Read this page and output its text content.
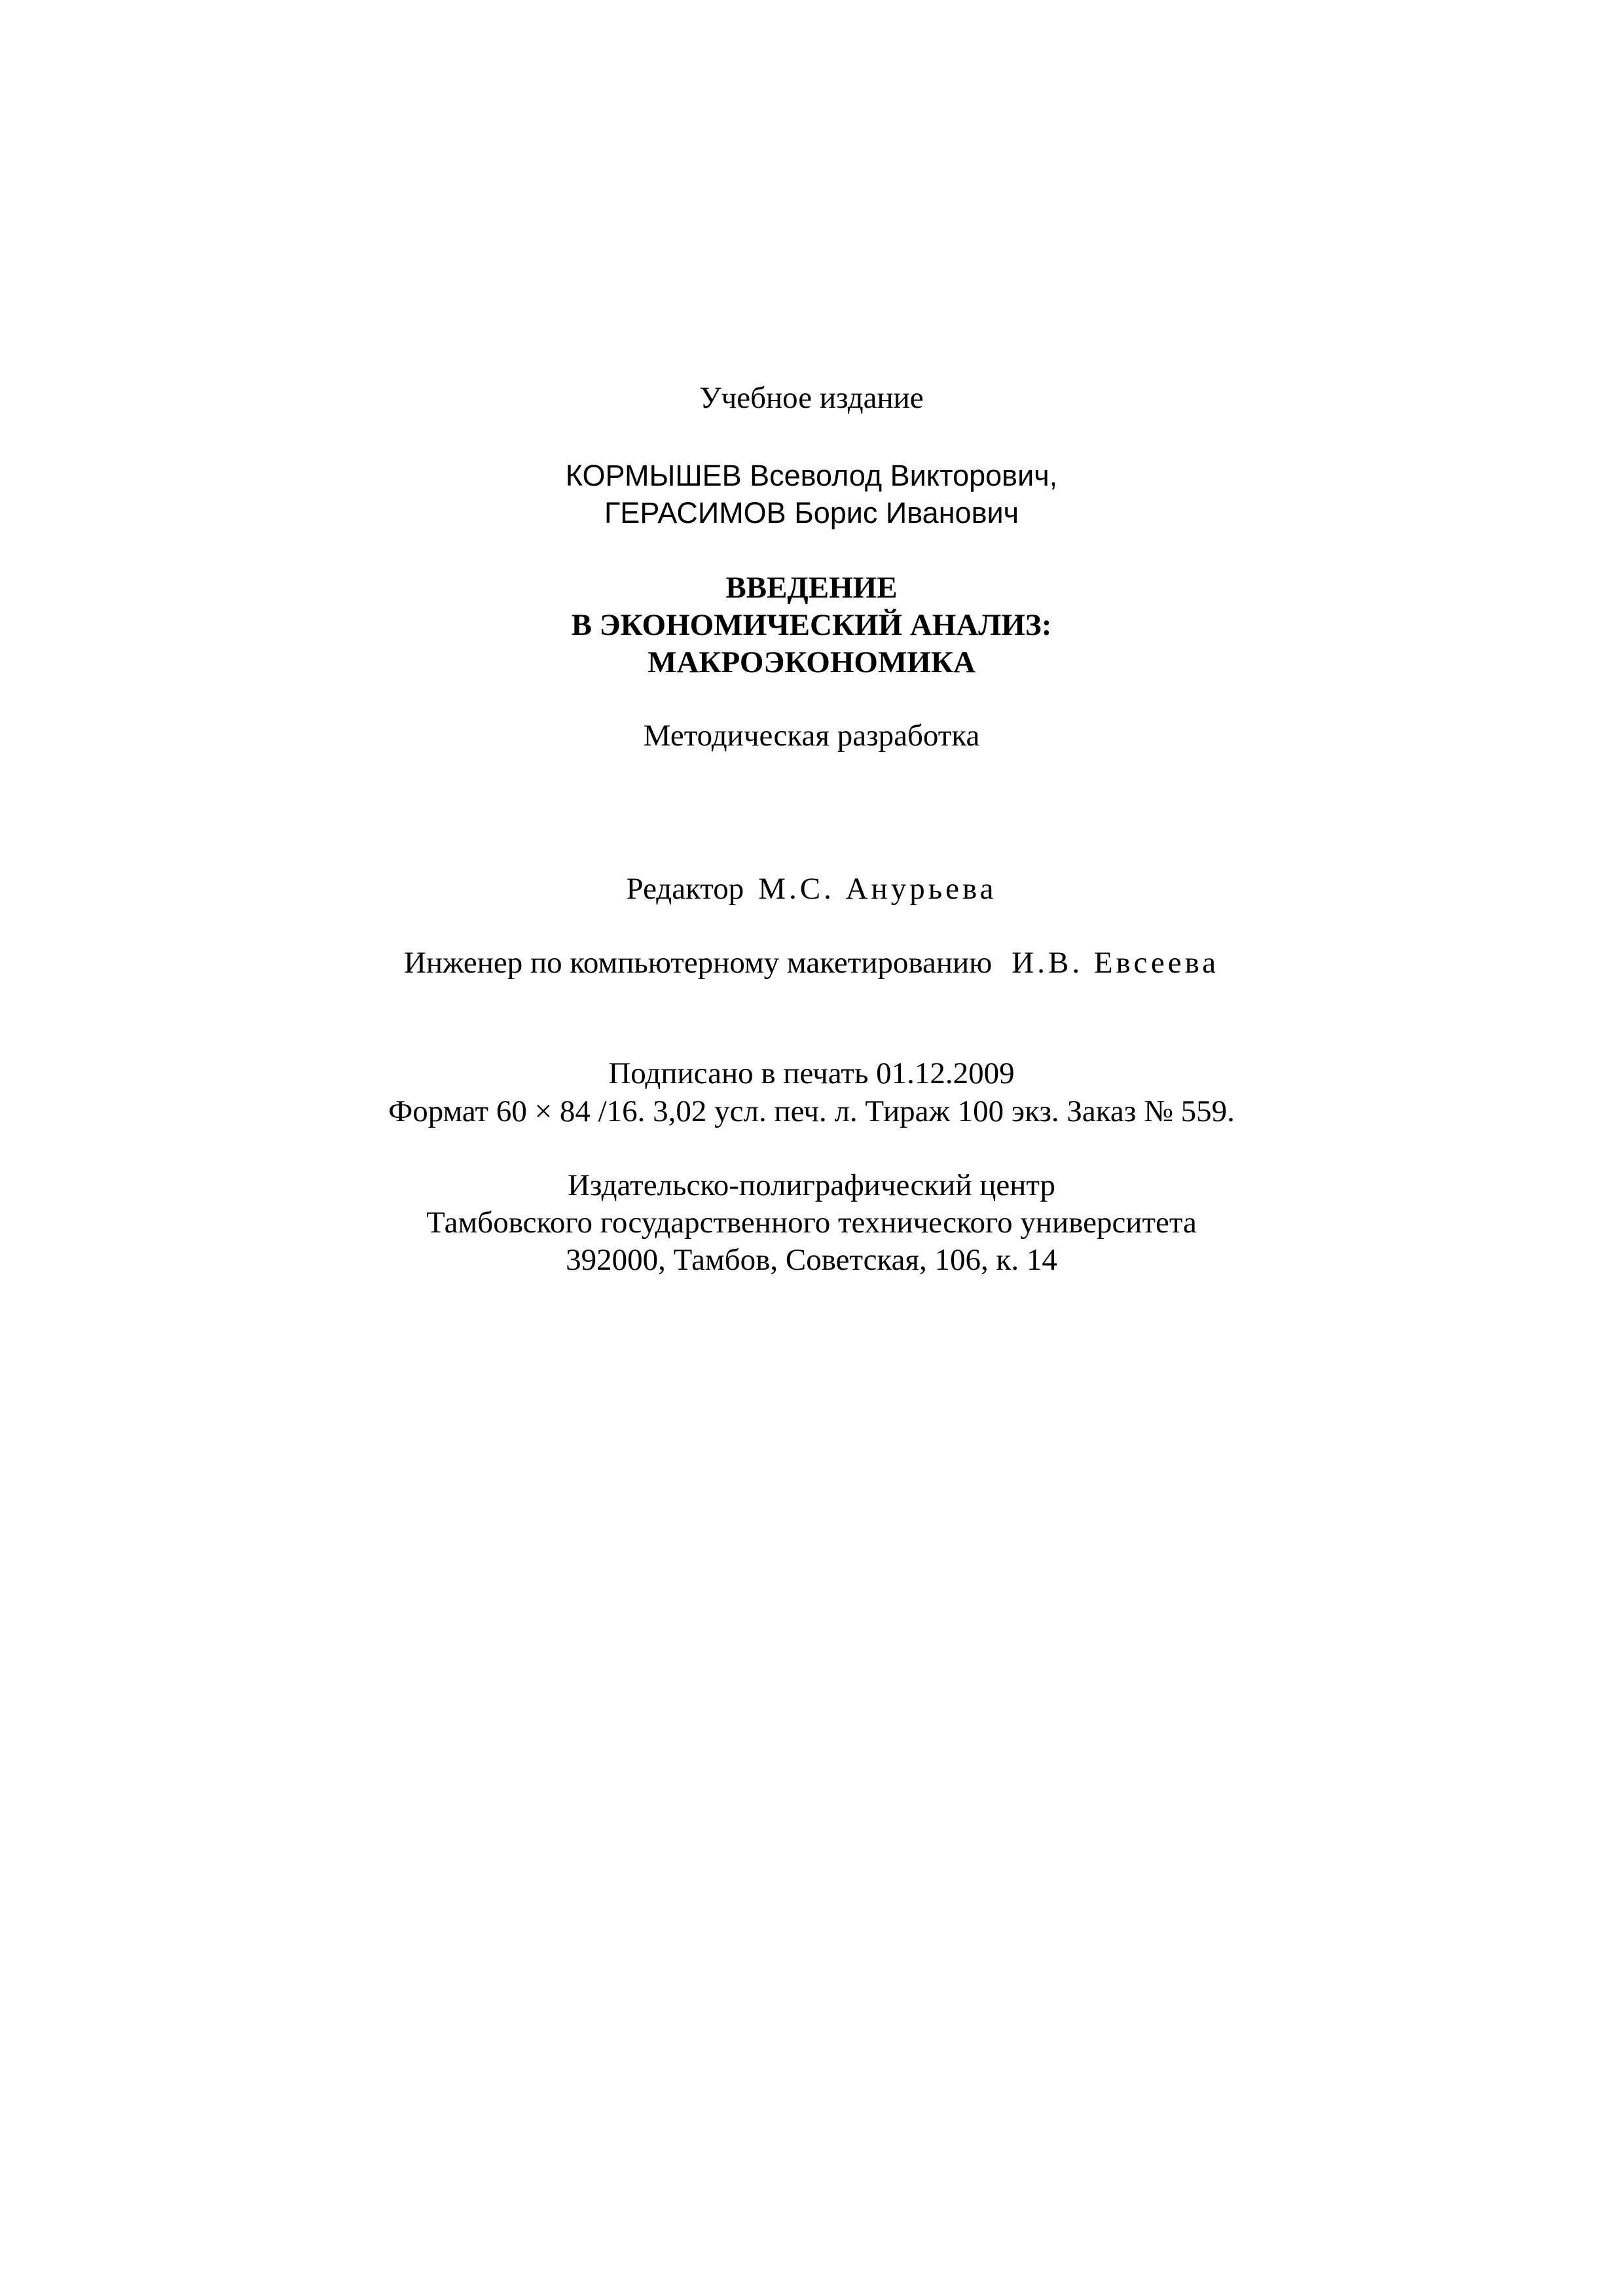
Учебное издание
КОРМЫШЕВ Всеволод Викторович,
ГЕРАСИМОВ Борис Иванович
ВВЕДЕНИЕ
В ЭКОНОМИЧЕСКИЙ АНАЛИЗ:
МАКРОЭКОНОМИКА
Методическая разработка
Редактор М.С. Анурьева
Инженер по компьютерному макетированию И.В. Евсеева
Подписано в печать 01.12.2009
Формат 60 × 84 /16. 3,02 усл. печ. л. Тираж 100 экз. Заказ № 559.
Издательско-полиграфический центр
Тамбовского государственного технического университета
392000, Тамбов, Советская, 106, к. 14
